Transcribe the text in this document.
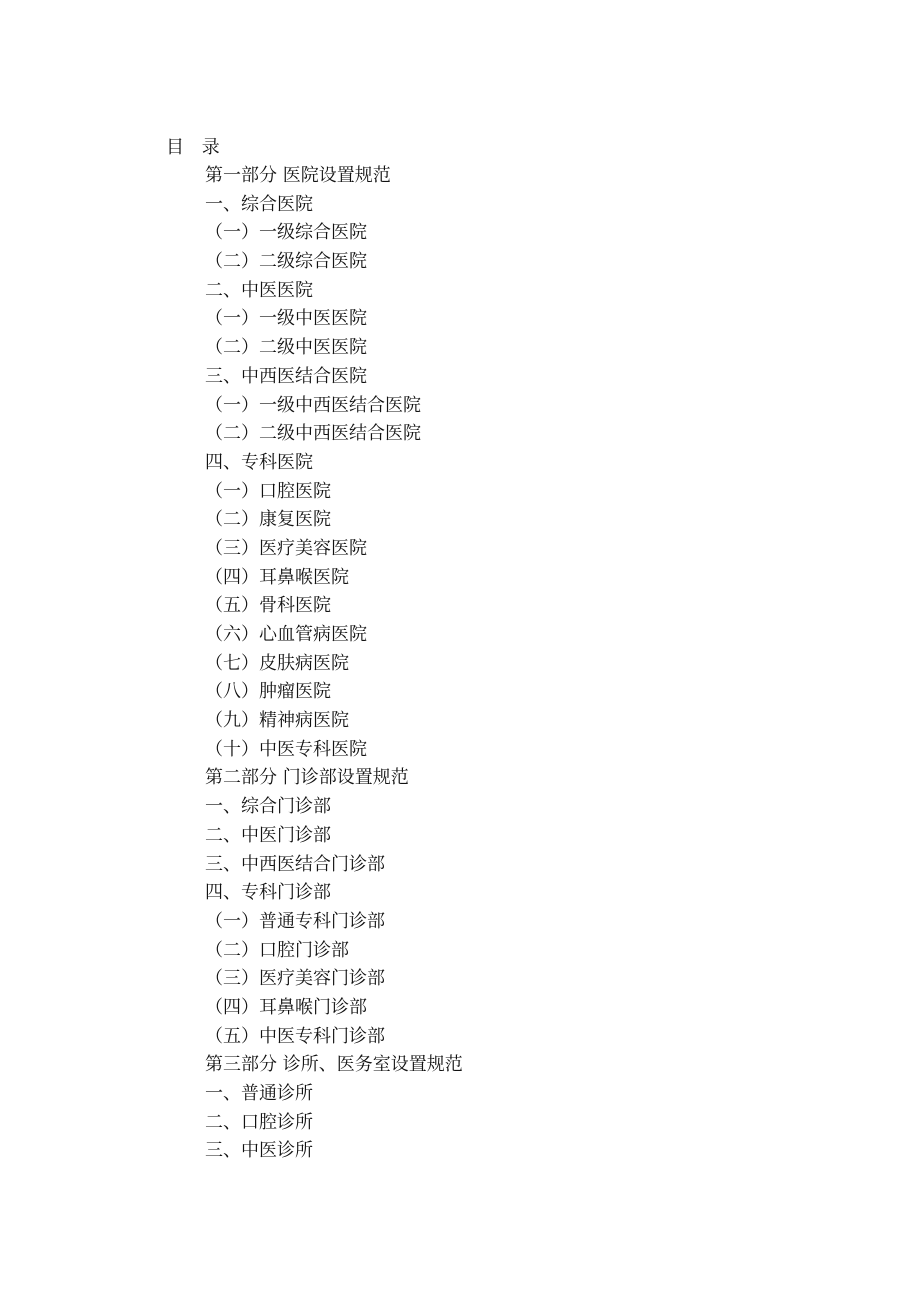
目 录
第一部分 医院设置规范
一、综合医院
（一）一级综合医院
（二）二级综合医院
二、中医医院
（一）一级中医医院
（二）二级中医医院
三、中西医结合医院
（一）一级中西医结合医院
（二）二级中西医结合医院
四、专科医院
（一）口腔医院
（二）康复医院
（三）医疗美容医院
（四）耳鼻喉医院
（五）骨科医院
（六）心血管病医院
（七）皮肤病医院
（八）肿瘤医院
（九）精神病医院
（十）中医专科医院
第二部分 门诊部设置规范
一、综合门诊部
二、中医门诊部
三、中西医结合门诊部
四、专科门诊部
（一）普通专科门诊部
（二）口腔门诊部
（三）医疗美容门诊部
（四）耳鼻喉门诊部
（五）中医专科门诊部
第三部分 诊所、医务室设置规范
一、普通诊所
二、口腔诊所
三、中医诊所
